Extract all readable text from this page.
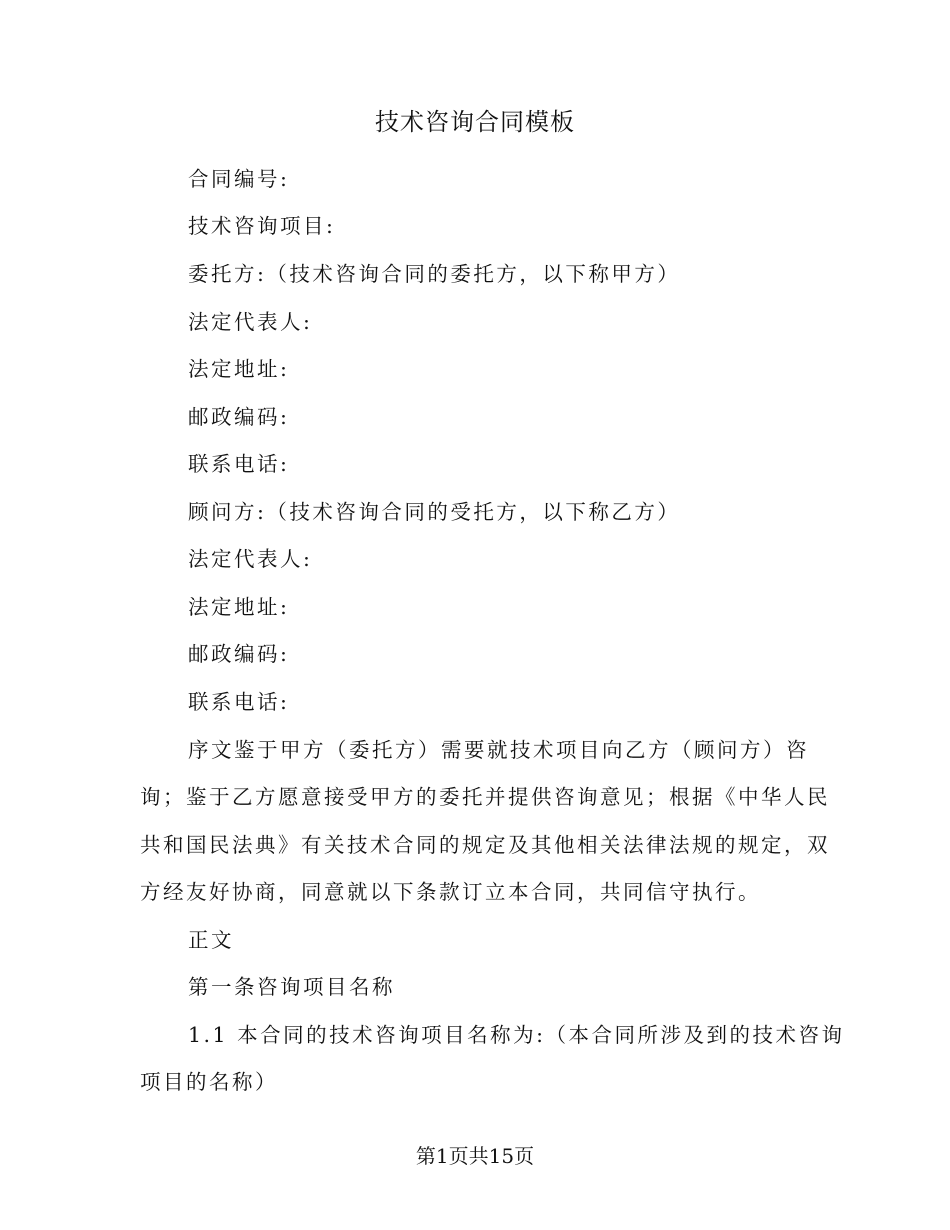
技术咨询合同模板
合同编号:
技术咨询项目:
委托方:（技术咨询合同的委托方，以下称甲方）
法定代表人:
法定地址:
邮政编码:
联系电话:
顾问方:（技术咨询合同的受托方，以下称乙方）
法定代表人:
法定地址:
邮政编码:
联系电话:
序文鉴于甲方（委托方）需要就技术项目向乙方（顾问方）咨
询；鉴于乙方愿意接受甲方的委托并提供咨询意见；根据《中华人民
共和国民法典》有关技术合同的规定及其他相关法律法规的规定，双
方经友好协商，同意就以下条款订立本合同，共同信守执行。
正文
第一条咨询项目名称
1.1 本合同的技术咨询项目名称为:（本合同所涉及到的技术咨询
项目的名称）
第1页共15页
